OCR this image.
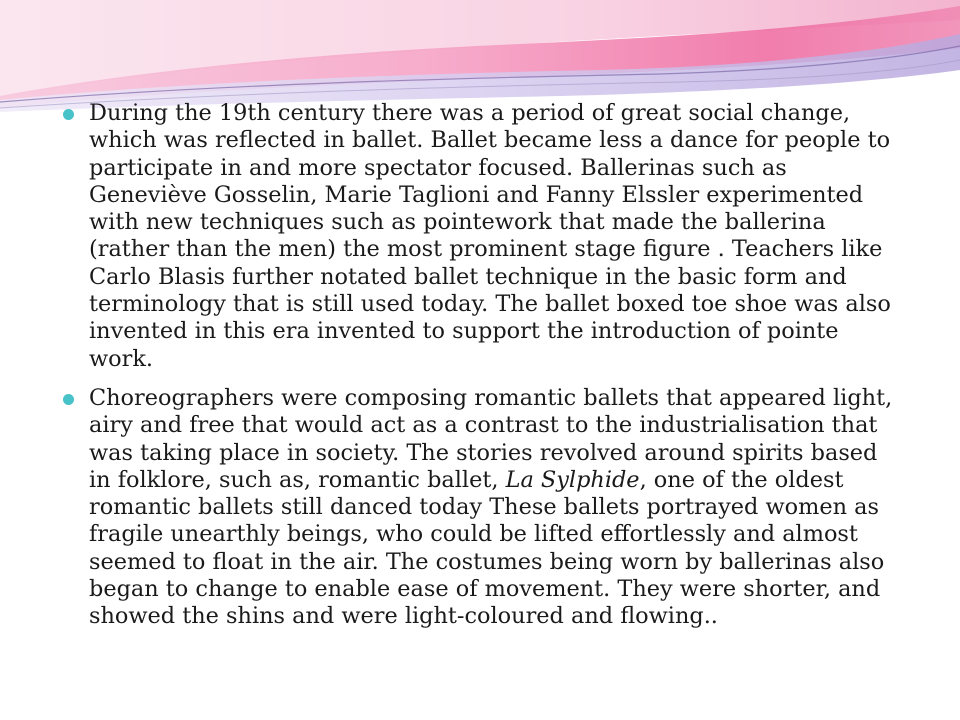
During the 19th century there was a period of great social change, which was reflected in ballet. Ballet became less a dance for people to participate in and more spectator focused. Ballerinas such as Geneviève Gosselin, Marie Taglioni and Fanny Elssler experimented with new techniques such as pointework that made the ballerina (rather than the men) the most prominent stage figure . Teachers like Carlo Blasis further notated ballet technique in the basic form and terminology that is still used today. The ballet boxed toe shoe was also invented in this era invented to support the introduction of pointe work.
Choreographers were composing romantic ballets that appeared light, airy and free that would act as a contrast to the industrialisation that was taking place in society. The stories revolved around spirits based in folklore, such as, romantic ballet, La Sylphide, one of the oldest romantic ballets still danced today These ballets portrayed women as fragile unearthly beings, who could be lifted effortlessly and almost seemed to float in the air. The costumes being worn by ballerinas also began to change to enable ease of movement. They were shorter, and showed the shins and were light-coloured and flowing..
